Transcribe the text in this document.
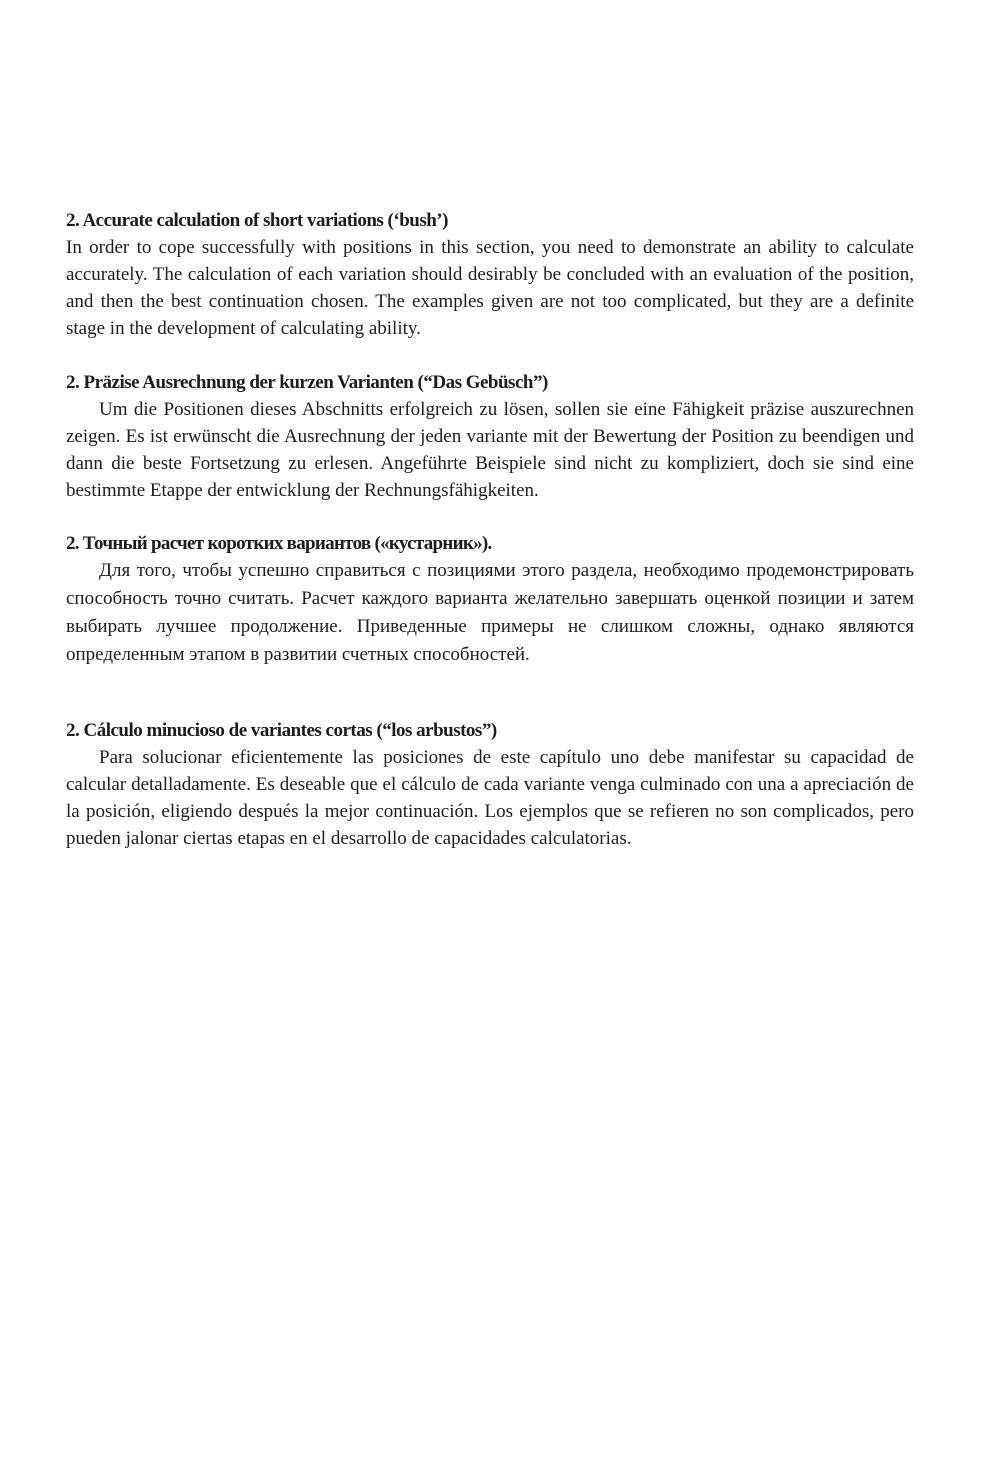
2. Accurate calculation of short variations (‘bush’)

In order to cope successfully with positions in this section, you need to demonstrate an ability to calculate accurately. The calculation of each variation should desirably be concluded with an evaluation of the position, and then the best continuation chosen. The examples given are not too complicated, but they are a definite stage in the development of calculating ability.

2. Präzise Ausrechnung der kurzen Varianten (“Das Gebüsch”)

Um die Positionen dieses Abschnitts erfolgreich zu lösen, sollen sie eine Fähigkeit präzise auszurechnen zeigen. Es ist erwünscht die Ausrechnung der jeden variante mit der Bewertung der Position zu beendigen und dann die beste Fortsetzung zu erlesen. Angeführte Beispiele sind nicht zu kompliziert, doch sie sind eine bestimmte Etappe der entwicklung der Rechnungsfähigkeiten.

2. Точный расчет коротких вариантов («кустарник»).

Для того, чтобы успешно справиться с позициями этого раздела, необходимо продемонстрировать способность точно считать. Расчет каждого варианта желательно завершать оценкой позиции и затем выбирать лучшее продолжение. Приведенные примеры не слишком сложны, однако являются определенным этапом в развитии счетных способностей.

2. Cálculo minucioso de variantes cortas (“los arbustos”)

Para solucionar eficientemente las posiciones de este capítulo uno debe manifestar su capacidad de calcular detalladamente. Es deseable que el cálculo de cada variante venga culminado con una a apreciación de la posición, eligiendo después la mejor continuación. Los ejemplos que se refieren no son complicados, pero pueden jalonar ciertas etapas en el desarrollo de capacidades calculatorias.
